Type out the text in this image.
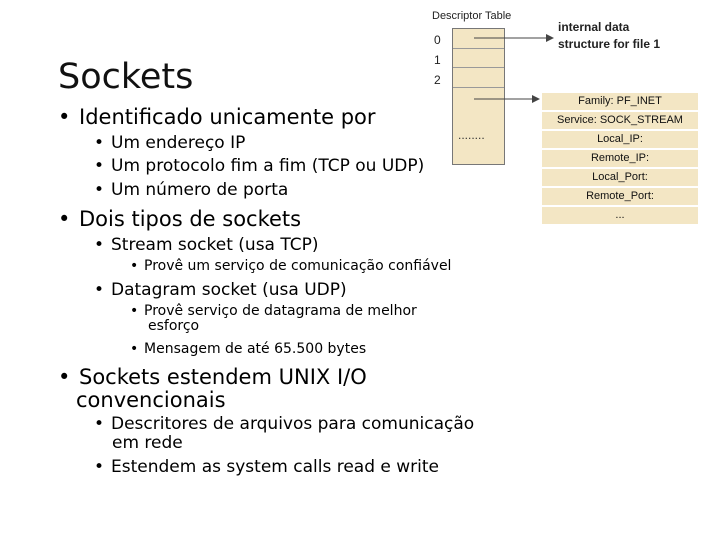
Sockets
• Identificado unicamente por
• Um endereço IP
• Um protocolo fim a fim (TCP ou UDP)
• Um número de porta
• Dois tipos de sockets
• Stream socket (usa TCP)
• Provê um serviço de comunicação confiável
• Datagram socket (usa UDP)
• Provê serviço de datagrama de melhor
esforço
• Mensagem de até 65.500 bytes
• Sockets estendem UNIX I/O
convencionais
• Descritores de arquivos para comunicação
em rede
• Estendem as system calls read e write
Descriptor Table
0
1
2
........
internal data
structure for file 1
Family: PF_INET
Service: SOCK_STREAM
Local_IP:
Remote_IP:
Local_Port:
Remote_Port:
...
